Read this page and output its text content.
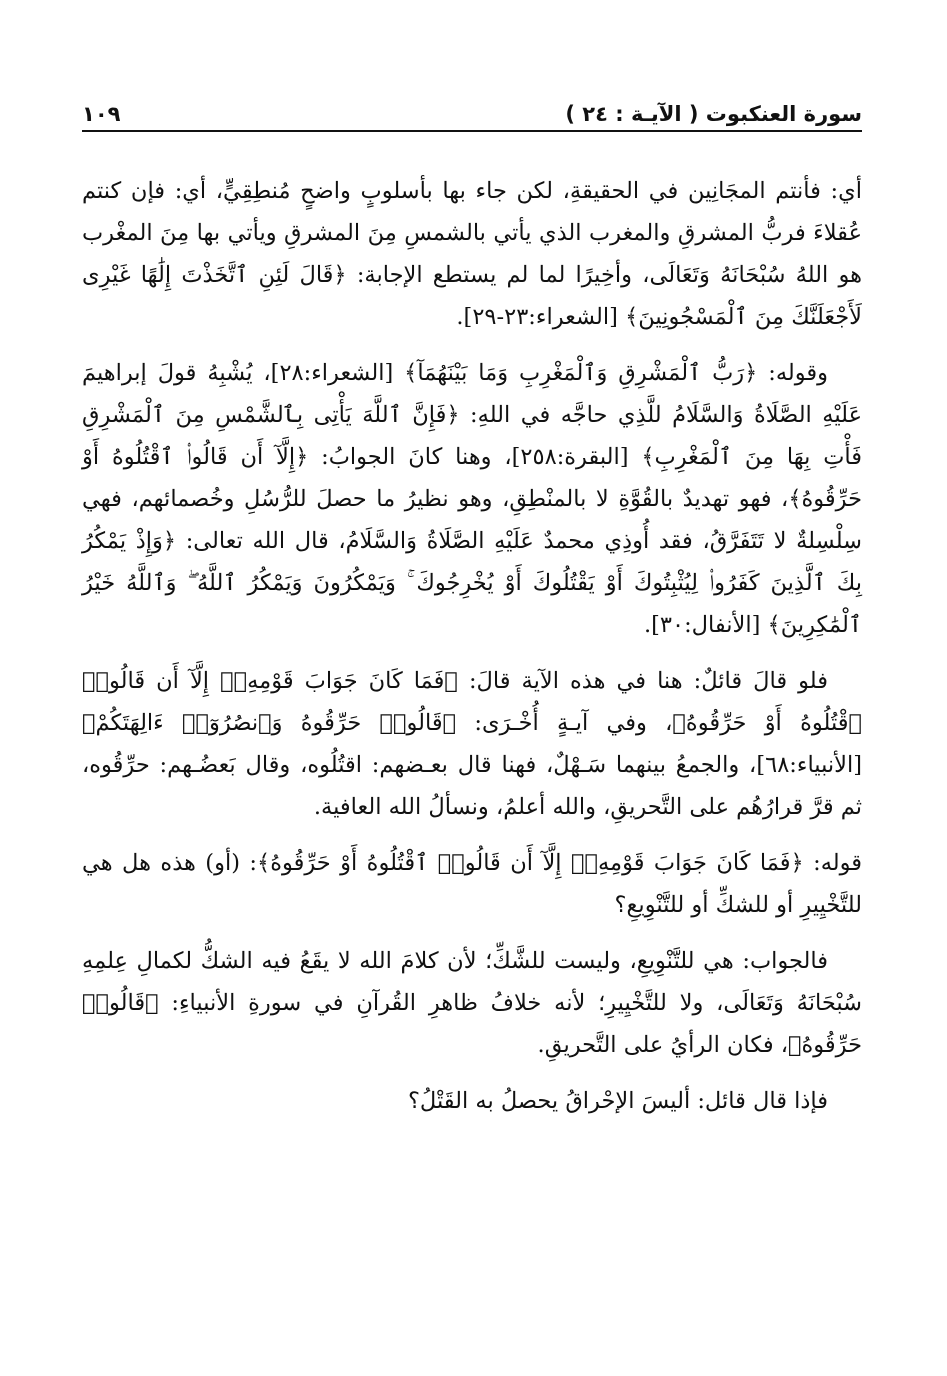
سورة العنكبوت ( الآيـة : ٢٤ )
١٠٩

أي: فأنتم المجَانِين في الحقيقةِ، لكن جاء بها بأسلوبٍ واضحٍ مُنطِقِيٍّ، أي: فإن كنتم عُقلاءَ فربُّ المشرقِ والمغرب الذي يأتي بالشمسِ مِنَ المشرقِ ويأتي بها مِنَ المغْرب هو اللهُ سُبْحَانَهُ وَتَعَالَى، وأخِيرًا لما لم يستطع الإجابة: ﴿قَالَ لَئِنِ ٱتَّخَذْتَ إِلَٰهًا غَيْرِى لَأَجْعَلَنَّكَ مِنَ ٱلْمَسْجُونِينَ﴾ [الشعراء:٢٣-٢٩].

وقوله: ﴿رَبُّ ٱلْمَشْرِقِ وَٱلْمَغْرِبِ وَمَا بَيْنَهُمَآ﴾ [الشعراء:٢٨]، يُشْبِهُ قولَ إبراهيمَ عَلَيْهِ الصَّلَاةُ وَالسَّلَامُ للَّذِي حاجَّه في اللهِ: ﴿فَإِنَّ ٱللَّهَ يَأْتِى بِٱلشَّمْسِ مِنَ ٱلْمَشْرِقِ فَأْتِ بِهَا مِنَ ٱلْمَغْرِبِ﴾ [البقرة:٢٥٨]، وهنا كانَ الجوابُ: ﴿إِلَّآ أَن قَالُوا۟ ٱقْتُلُوهُ أَوْ حَرِّقُوهُ﴾، فهو تهديدٌ بالقُوَّةِ لا بالمنْطِقِ، وهو نظيرُ ما حصلَ للرُّسُلِ وخُصمائهم، فهي سِلْسِلةٌ لا تَتَفَرَّقُ، فقد أُوذِي محمدٌ عَلَيْهِ الصَّلَاةُ وَالسَّلَامُ، قال الله تعالى: ﴿وَإِذْ يَمْكُرُ بِكَ ٱلَّذِينَ كَفَرُوا۟ لِيُثْبِتُوكَ أَوْ يَقْتُلُوكَ أَوْ يُخْرِجُوكَ ۚ وَيَمْكُرُونَ وَيَمْكُرُ ٱللَّهُ ۖ وَٱللَّهُ خَيْرُ ٱلْمَٰكِرِينَ﴾ [الأنفال:٣٠].

فلو قالَ قائلٌ: هنا في هذه الآية قالَ: ﴿فَمَا كَانَ جَوَابَ قَوْمِهِۦٓ إِلَّآ أَن قَالُوا۟ ٱقْتُلُوهُ أَوْ حَرِّقُوهُ﴾، وفي آيـةٍ أُخْـرَى: ﴿قَالُوا۟ حَرِّقُوهُ وَٱنصُرُوٓا۟ ءَالِهَتَكُمْ﴾ [الأنبياء:٦٨]، والجمعُ بينهما سَـهْلٌ، فهنا قال بعـضهم: اقتُلُوه، وقال بَعضُـهم: حرِّقُوه، ثم قرَّ قرارُهُم على التَّحريقِ، والله أعلمُ، ونسألُ الله العافية.

قوله: ﴿فَمَا كَانَ جَوَابَ قَوْمِهِۦٓ إِلَّآ أَن قَالُوا۟ ٱقْتُلُوهُ أَوْ حَرِّقُوهُ﴾: (أو) هذه هل هي للتَّخْيِيرِ أو للشكِّ أو للتَّنْوِيعِ؟

فالجواب: هي للتَّنْوِيعِ، وليست للشَّكِّ؛ لأن كلامَ الله لا يقَعُ فيه الشكُّ لكمالِ عِلمِهِ سُبْحَانَهُ وَتَعَالَى، ولا للتَّخْيِيرِ؛ لأنه خلافُ ظاهرِ القُرآنِ في سورةِ الأنبياءِ: ﴿قَالُوا۟ حَرِّقُوهُ﴾، فكان الرأيُ على التَّحريقِ.

فإذا قال قائل: أليسَ الإحْراقُ يحصلُ به القَتْلُ؟
